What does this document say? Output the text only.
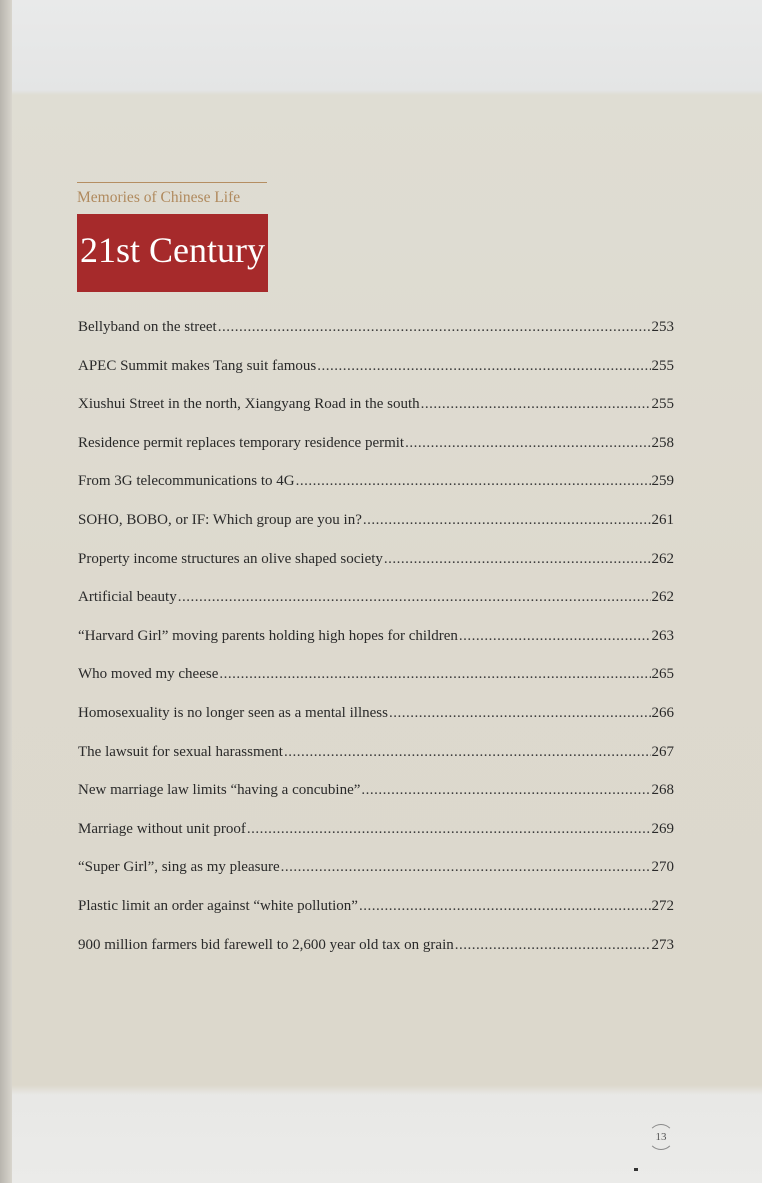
Memories of Chinese Life
21st Century
Bellyband on the street .....	253
APEC Summit makes Tang suit famous .....	255
Xiushui Street in the north, Xiangyang Road in the south .....	255
Residence permit replaces temporary residence permit .....	258
From 3G telecommunications to 4G .....	259
SOHO, BOBO, or IF: Which group are you in? .....	261
Property income structures an olive shaped society .....	262
Artificial beauty .....	262
“Harvard Girl” moving parents holding high hopes for children .....	263
Who moved my cheese .....	265
Homosexuality is no longer seen as a mental illness .....	266
The lawsuit for sexual harassment .....	267
New marriage law limits “having a concubine” .....	268
Marriage without unit proof .....	269
“Super Girl”, sing as my pleasure .....	270
Plastic limit an order against “white pollution” .....	272
900 million farmers bid farewell to 2,600 year old tax on grain .....	273
13
